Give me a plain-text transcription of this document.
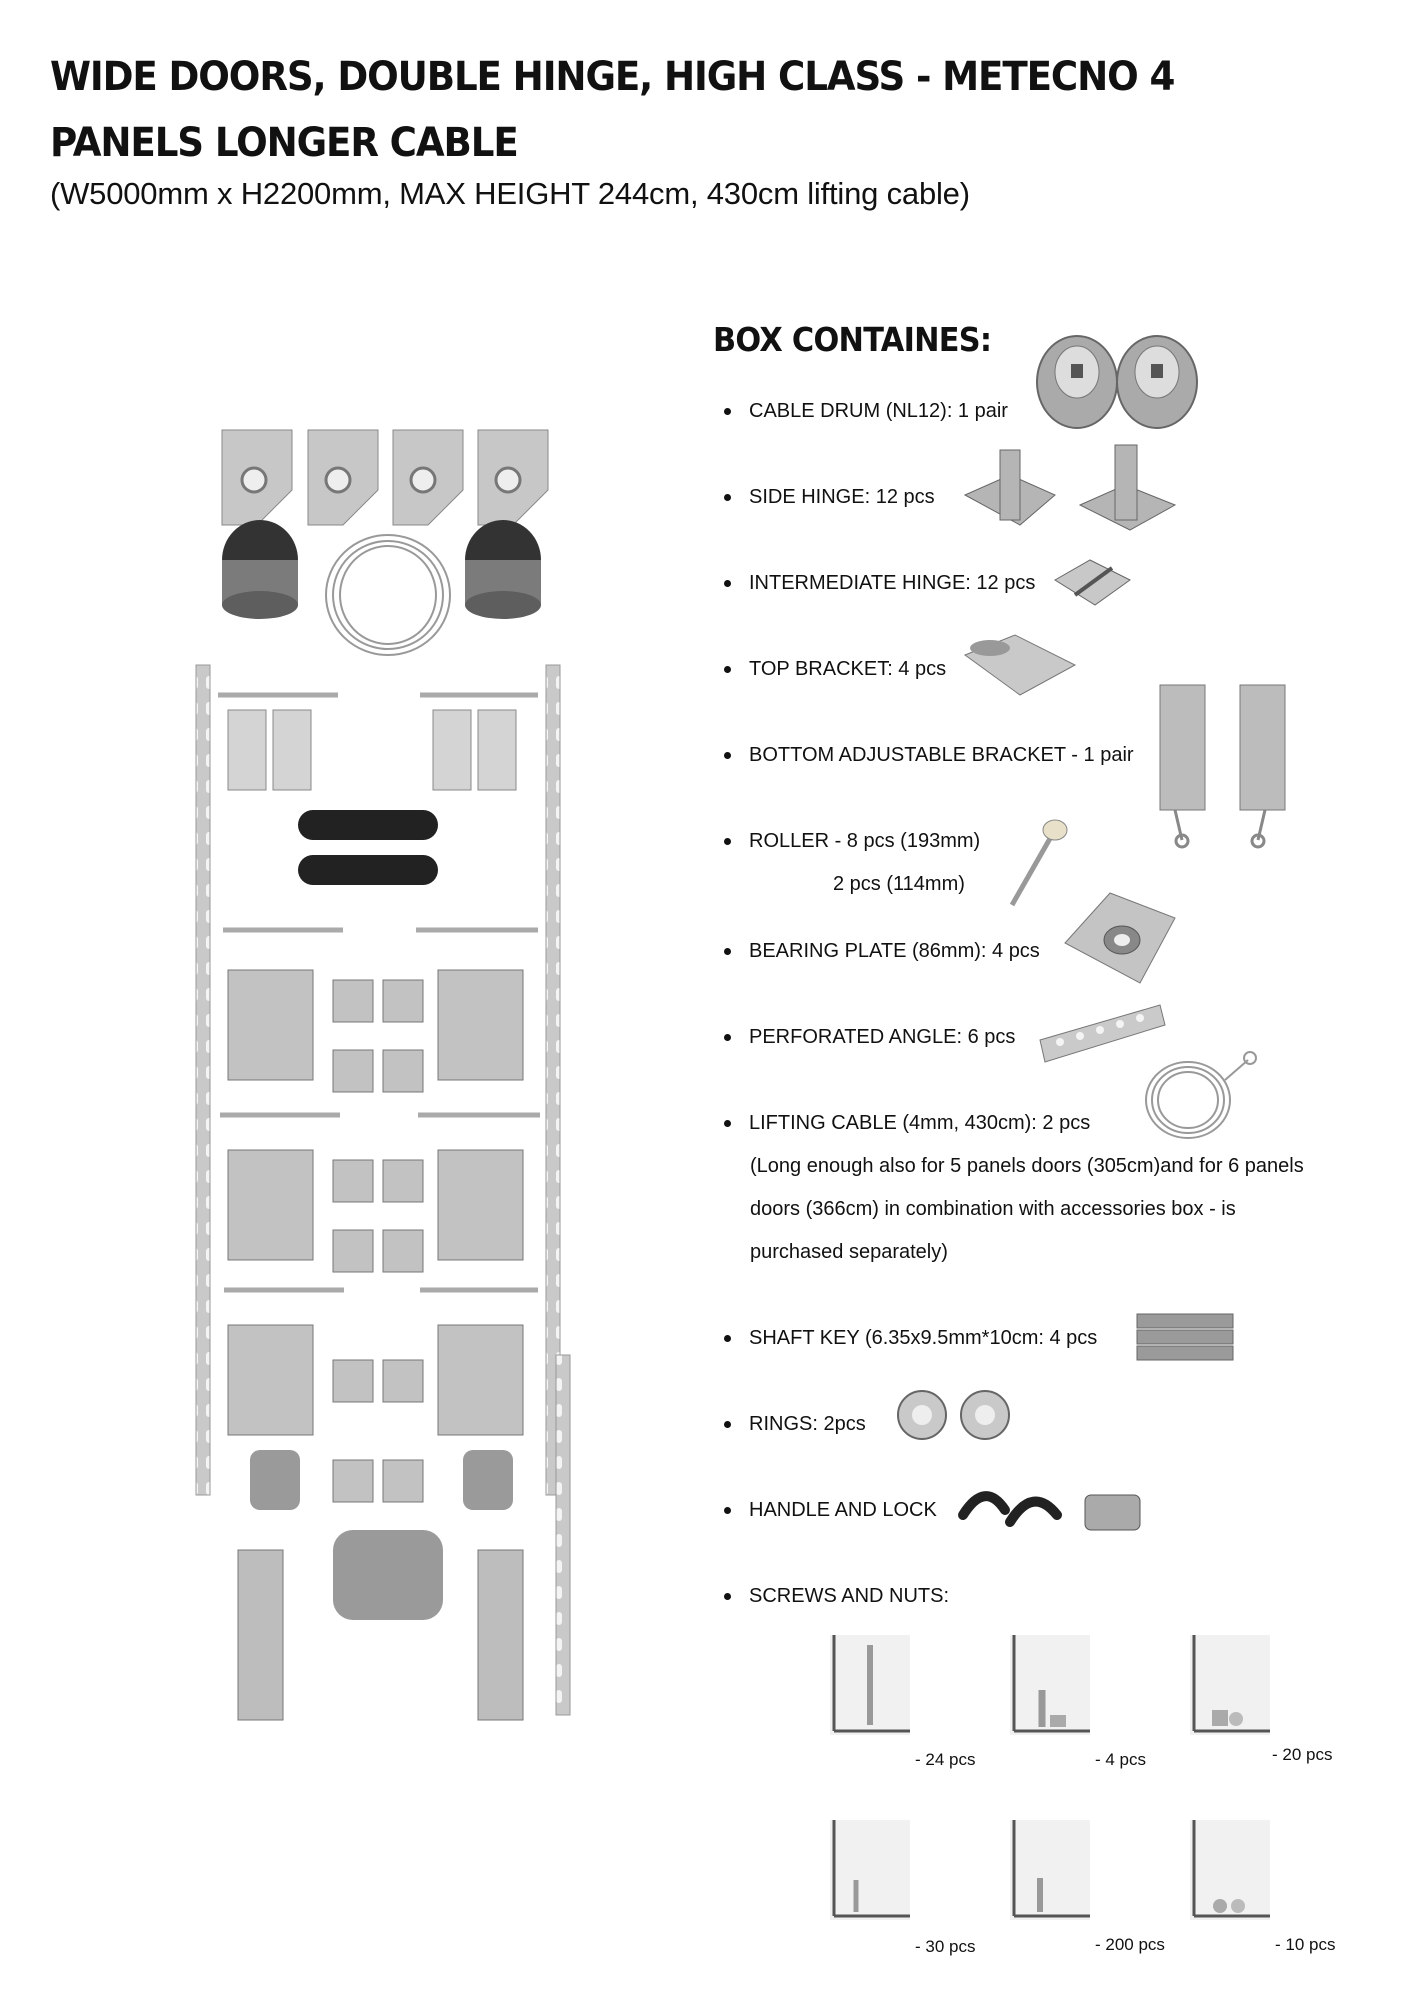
WIDE DOORS, DOUBLE HINGE, HIGH CLASS - METECNO 4 PANELS LONGER CABLE

(W5000mm x H2200mm, MAX HEIGHT 244cm, 430cm lifting cable)

BOX CONTAINES:
CABLE DRUM (NL12): 1 pair
SIDE HINGE: 12 pcs
INTERMEDIATE HINGE: 12 pcs
TOP BRACKET: 4 pcs
BOTTOM ADJUSTABLE BRACKET - 1 pair
ROLLER - 8 pcs (193mm)
2 pcs (114mm)
BEARING PLATE (86mm): 4 pcs
PERFORATED ANGLE: 6 pcs
LIFTING CABLE (4mm, 430cm): 2 pcs
(Long enough also for 5 panels doors (305cm)and for 6 panels
doors (366cm) in combination with accessories box - is
purchased separately)
SHAFT KEY (6.35x9.5mm*10cm: 4 pcs
RINGS: 2pcs
HANDLE AND LOCK
SCREWS AND NUTS:
- 24 pcs	- 4 pcs	- 20 pcs
- 30 pcs	- 200 pcs	- 10 pcs
